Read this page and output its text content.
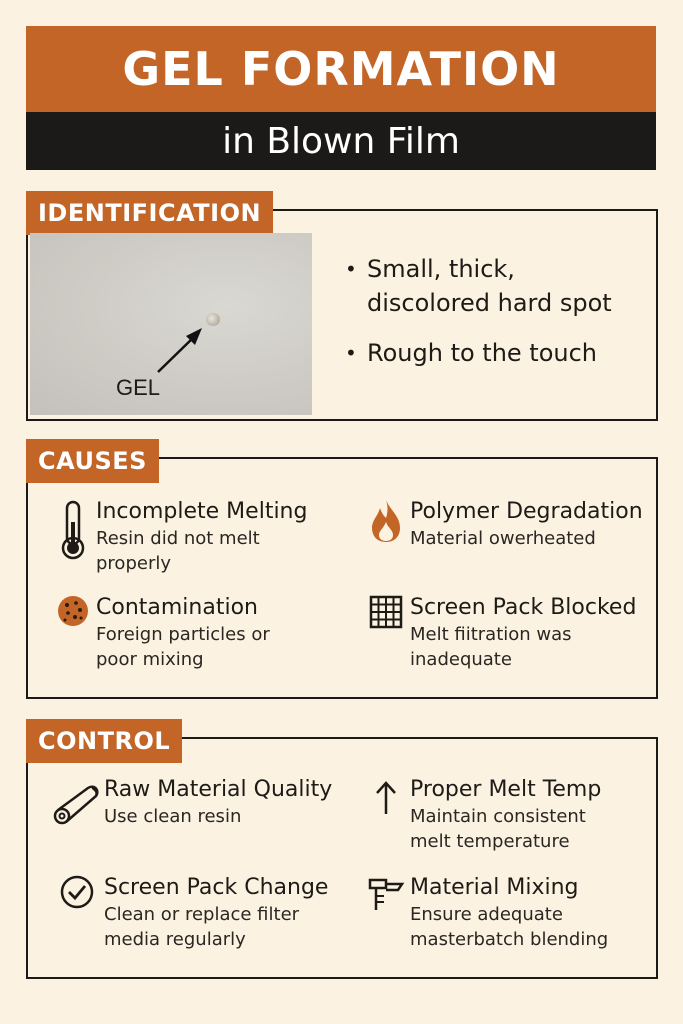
GEL FORMATION
in Blown Film
IDENTIFICATION
GEL
• Small, thick, discolored hard spot
• Rough to the touch
CAUSES
Incomplete Melting
Resin did not melt properly
Polymer Degradation
Material owerheated
Contamination
Foreign particles or poor mixing
Screen Pack Blocked
Melt fiitration was inadequate
CONTROL
Raw Material Quality
Use clean resin
Proper Melt Temp
Maintain consistent melt temperature
Screen Pack Change
Clean or replace filter media regularly
Material Mixing
Ensure adequate masterbatch blending
